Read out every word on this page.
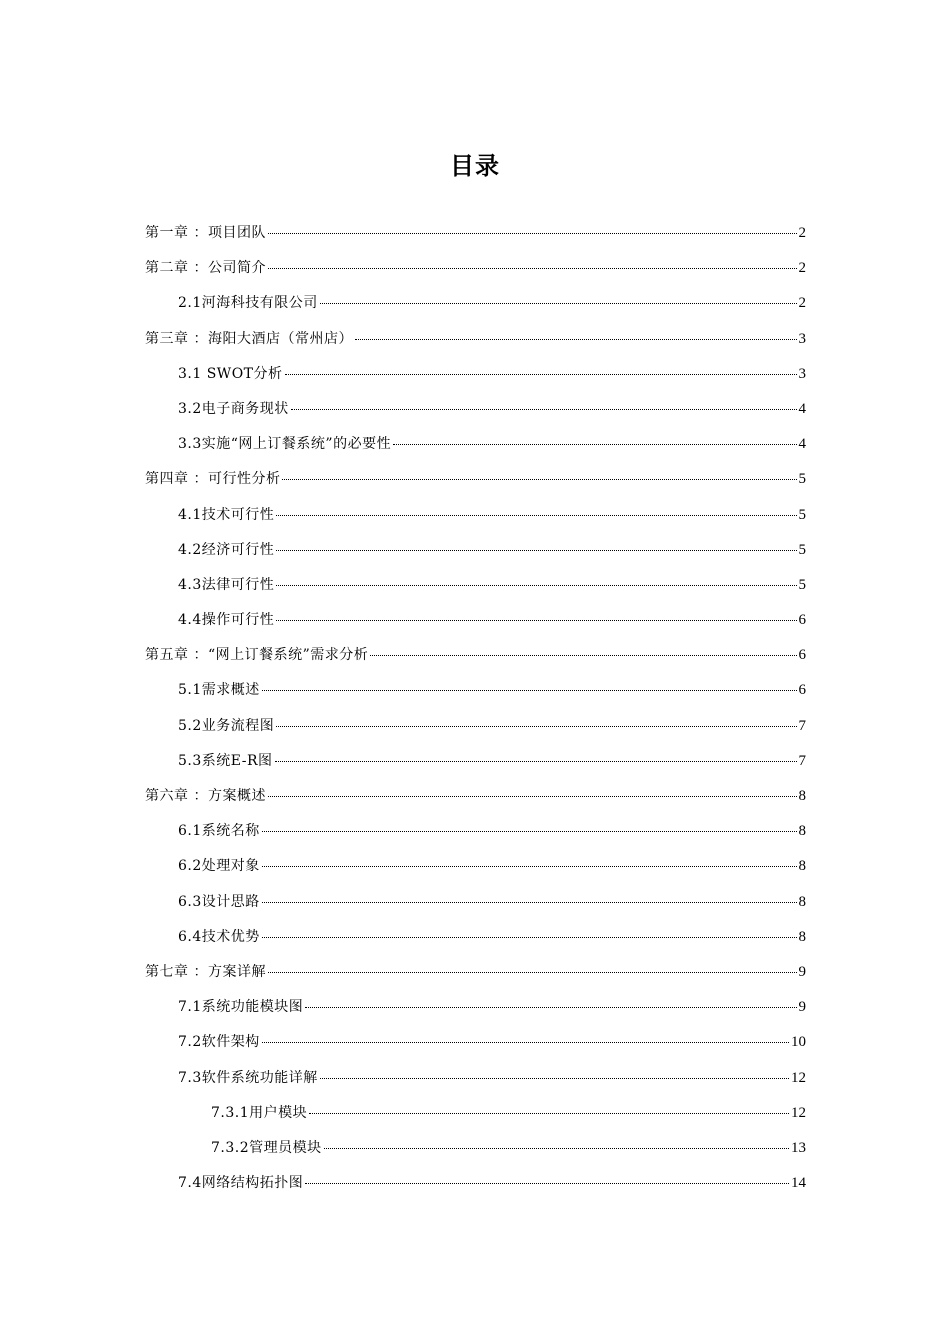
目录
第一章 ：项目团队	2
第二章 ：公司简介	2
2.1河海科技有限公司	2
第三章 ：海阳大酒店（常州店）	3
3.1 SWOT分析	3
3.2电子商务现状	4
3.3实施“网上订餐系统”的必要性	4
第四章 ：可行性分析	5
4.1技术可行性	5
4.2经济可行性	5
4.3法律可行性	5
4.4操作可行性	6
第五章 ：“网上订餐系统”需求分析	6
5.1需求概述	6
5.2业务流程图	7
5.3系统E-R图	7
第六章 ：方案概述	8
6.1系统名称	8
6.2处理对象	8
6.3设计思路	8
6.4技术优势	8
第七章 ：方案详解	9
7.1系统功能模块图	9
7.2软件架构	10
7.3软件系统功能详解	12
7.3.1用户模块	12
7.3.2管理员模块	13
7.4网络结构拓扑图	14
